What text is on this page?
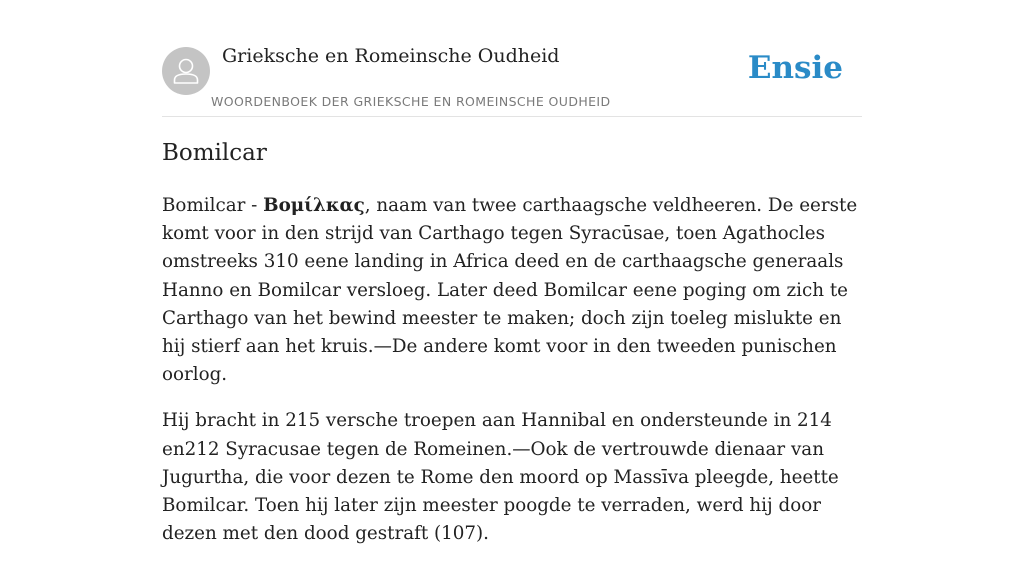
Grieksche en Romeinsche Oudheid
WOORDENBOEK DER GRIEKSCHE EN ROMEINSCHE OUDHEID
Ensie
Bomilcar

Bomilcar - Βομίλκας, naam van twee carthaagsche veldheeren. De eerste komt voor in den strijd van Carthago tegen Syracūsae, toen Agathocles omstreeks 310 eene landing in Africa deed en de carthaagsche generaals Hanno en Bomilcar versloeg. Later deed Bomilcar eene poging om zich te Carthago van het bewind meester te maken; doch zijn toeleg mislukte en hij stierf aan het kruis.—De andere komt voor in den tweeden punischen oorlog.

Hij bracht in 215 versche troepen aan Hannibal en ondersteunde in 214 en212 Syracusae tegen de Romeinen.—Ook de vertrouwde dienaar van Jugurtha, die voor dezen te Rome den moord op Massīva pleegde, heette Bomilcar. Toen hij later zijn meester poogde te verraden, werd hij door dezen met den dood gestraft (107).
